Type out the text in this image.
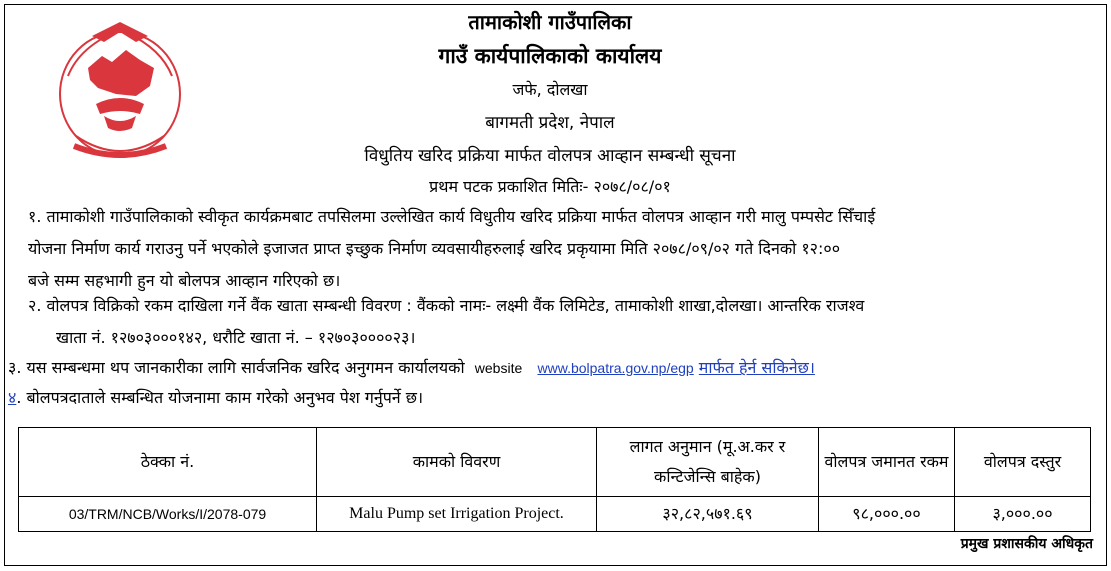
तामाकोशी गाउँपालिका
गाउँ कार्यपालिकाको कार्यालय
जफे, दोलखा
बागमती प्रदेश, नेपाल
विधुतिय खरिद प्रक्रिया मार्फत वोलपत्र आव्हान सम्बन्धी सूचना
प्रथम पटक प्रकाशित मितिः- २०७८/०८/०१
१. तामाकोशी गाउँपालिकाको स्वीकृत कार्यक्रमबाट तपसिलमा उल्लेखित कार्य विधुतीय खरिद प्रक्रिया मार्फत वोलपत्र आव्हान गरी मालु पम्पसेट सिँचाई
योजना निर्माण कार्य गराउनु पर्ने भएकोले इजाजत प्राप्त इच्छुक निर्माण व्यवसायीहरुलाई खरिद प्रकृयामा मिति २०७८/०९/०२ गते दिनको १२:००
बजे सम्म सहभागी हुन यो बोलपत्र आव्हान गरिएको छ।
२. वोलपत्र विक्रिको रकम दाखिला गर्ने वैंक खाता सम्बन्धी विवरण : वैंकको नामः- लक्ष्मी वैंक लिमिटेड, तामाकोशी शाखा,दोलखा। आन्तरिक राजश्व
खाता नं. १२७०३०००१४२, धरौटि खाता नं. – १२७०३००००२३।
३. यस सम्बन्धमा थप जानकारीका लागि सार्वजनिक खरिद अनुगमन कार्यालयको website www.bolpatra.gov.np/egp मार्फत हेर्न सकिनेछ।
४. बोलपत्रदाताले सम्बन्धित योजनामा काम गरेको अनुभव पेश गर्नुपर्ने छ।
ठेक्का नं.	कामको विवरण	लागत अनुमान (मू.अ.कर र कन्टिजेन्सि बाहेक)	वोलपत्र जमानत रकम	वोलपत्र दस्तुर
03/TRM/NCB/Works/I/2078-079	Malu Pump set Irrigation Project.	३२,८२,५७१.६९	९८,०००.००	३,०००.००
प्रमुख प्रशासकीय अधिकृत
